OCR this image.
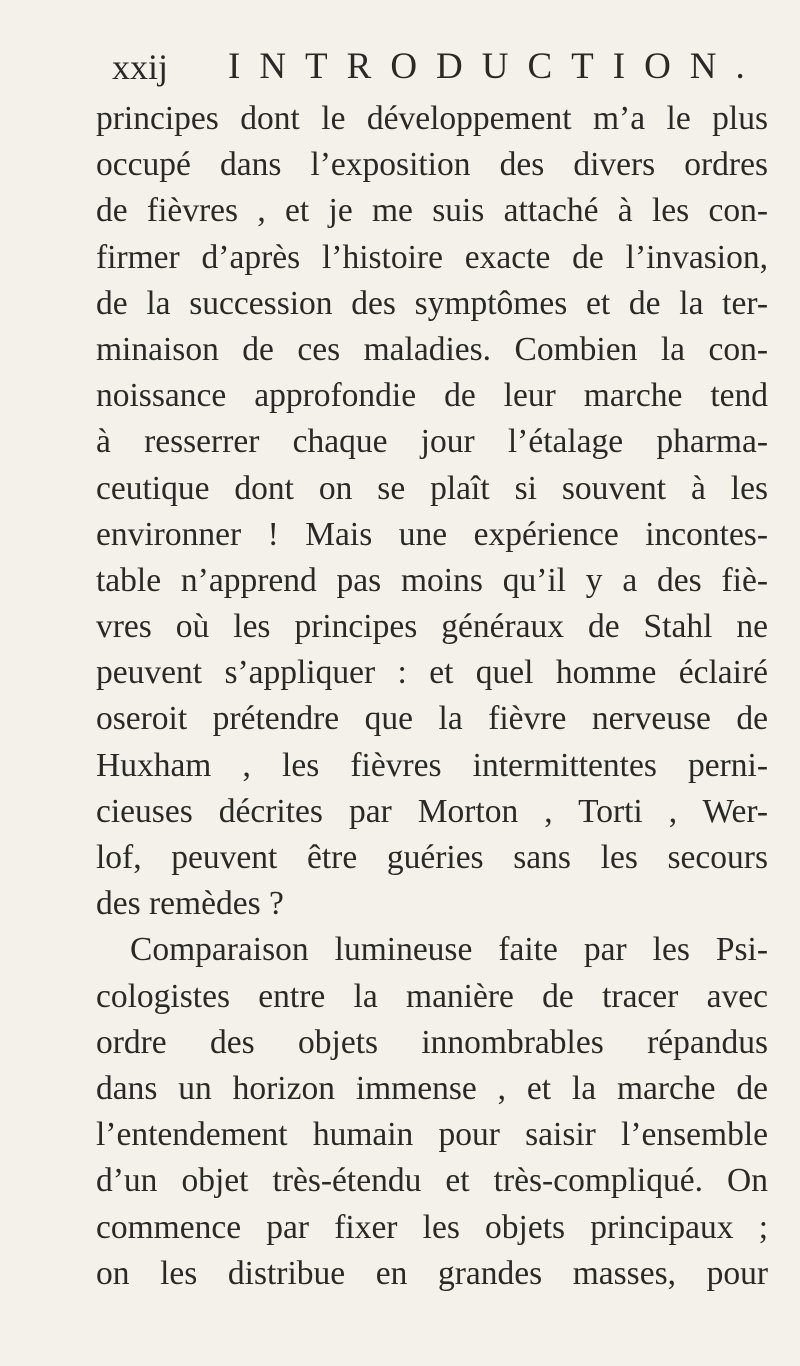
xxij INTRODUCTION.
principes dont le développement m’a le plus
occupé dans l’exposition des divers ordres
de fièvres , et je me suis attaché à les con-
firmer d’après l’histoire exacte de l’invasion,
de la succession des symptômes et de la ter-
minaison de ces maladies. Combien la con-
noissance approfondie de leur marche tend
à resserrer chaque jour l’étalage pharma-
ceutique dont on se plaît si souvent à les
environner ! Mais une expérience incontes-
table n’apprend pas moins qu’il y a des fiè-
vres où les principes généraux de Stahl ne
peuvent s’appliquer : et quel homme éclairé
oseroit prétendre que la fièvre nerveuse de
Huxham , les fièvres intermittentes perni-
cieuses décrites par Morton , Torti , Wer-
lof, peuvent être guéries sans les secours
des remèdes ?
Comparaison lumineuse faite par les Psi-
cologistes entre la manière de tracer avec
ordre des objets innombrables répandus
dans un horizon immense , et la marche de
l’entendement humain pour saisir l’ensemble
d’un objet très-étendu et très-compliqué. On
commence par fixer les objets principaux ;
on les distribue en grandes masses, pour
